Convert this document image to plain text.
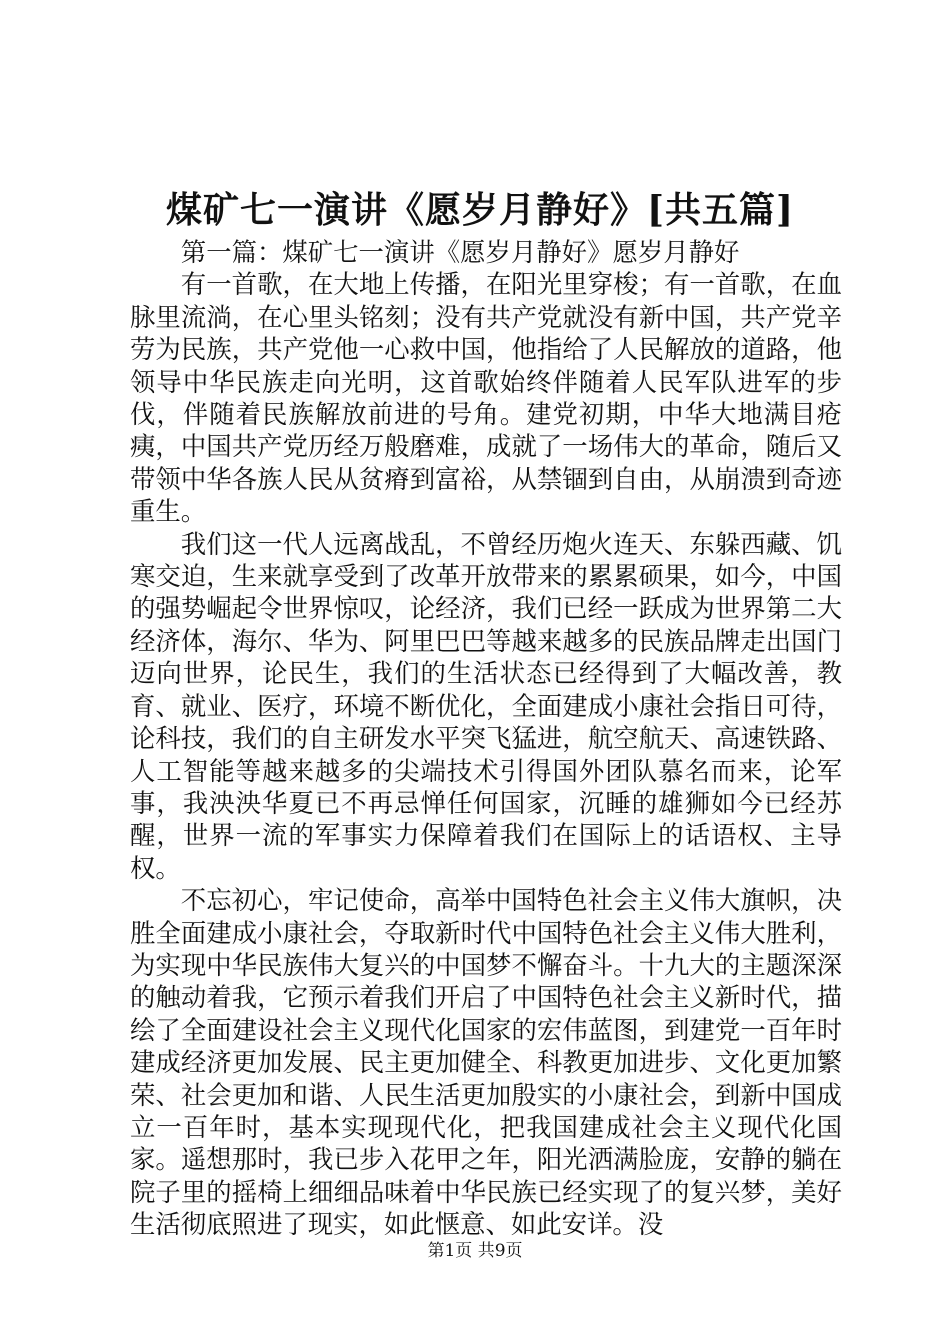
煤矿七一演讲《愿岁月静好》[共五篇]

第一篇：煤矿七一演讲《愿岁月静好》愿岁月静好

有一首歌，在大地上传播，在阳光里穿梭；有一首歌，在血脉里流淌，在心里头铭刻；没有共产党就没有新中国，共产党辛劳为民族，共产党他一心救中国，他指给了人民解放的道路，他领导中华民族走向光明，这首歌始终伴随着人民军队进军的步伐，伴随着民族解放前进的号角。建党初期，中华大地满目疮痍，中国共产党历经万般磨难，成就了一场伟大的革命，随后又带领中华各族人民从贫瘠到富裕，从禁锢到自由，从崩溃到奇迹重生。

我们这一代人远离战乱，不曾经历炮火连天、东躲西藏、饥寒交迫，生来就享受到了改革开放带来的累累硕果，如今，中国的强势崛起令世界惊叹，论经济，我们已经一跃成为世界第二大经济体，海尔、华为、阿里巴巴等越来越多的民族品牌走出国门迈向世界，论民生，我们的生活状态已经得到了大幅改善，教育、就业、医疗，环境不断优化，全面建成小康社会指日可待，论科技，我们的自主研发水平突飞猛进，航空航天、高速铁路、人工智能等越来越多的尖端技术引得国外团队慕名而来，论军事，我泱泱华夏已不再忌惮任何国家，沉睡的雄狮如今已经苏醒，世界一流的军事实力保障着我们在国际上的话语权、主导权。

不忘初心，牢记使命，高举中国特色社会主义伟大旗帜，决胜全面建成小康社会，夺取新时代中国特色社会主义伟大胜利，为实现中华民族伟大复兴的中国梦不懈奋斗。十九大的主题深深的触动着我，它预示着我们开启了中国特色社会主义新时代，描绘了全面建设社会主义现代化国家的宏伟蓝图，到建党一百年时建成经济更加发展、民主更加健全、科教更加进步、文化更加繁荣、社会更加和谐、人民生活更加殷实的小康社会，到新中国成立一百年时，基本实现现代化，把我国建成社会主义现代化国家。遥想那时，我已步入花甲之年，阳光洒满脸庞，安静的躺在院子里的摇椅上细细品味着中华民族已经实现了的复兴梦，美好生活彻底照进了现实，如此惬意、如此安详。没

第1页 共9页
